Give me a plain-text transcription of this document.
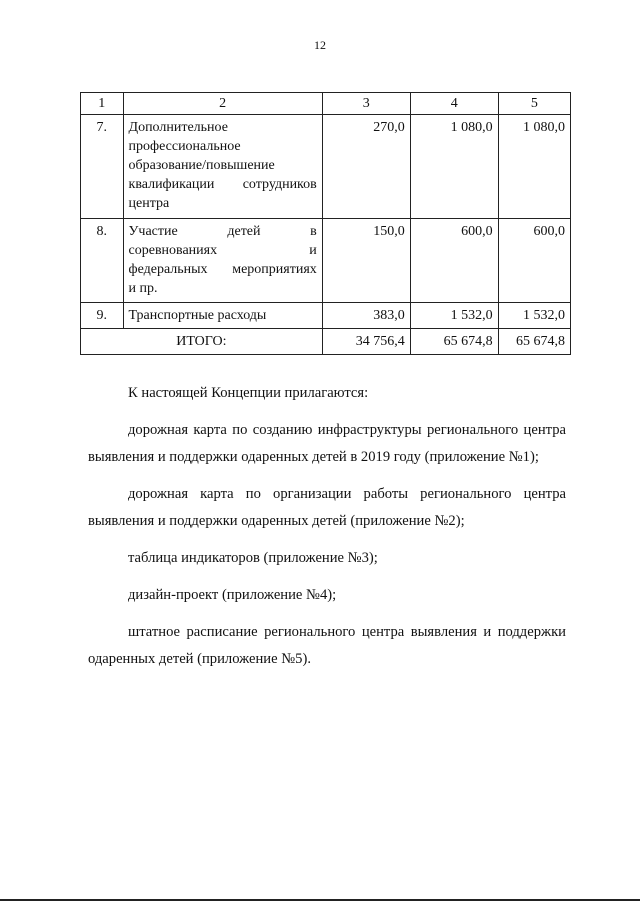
12
1	2	3	4	5
7.	Дополнительное
профессиональное
образование/повышение
квалификации сотрудников
центра	270,0	1 080,0	1 080,0
8.	Участие детей в
соревнованиях и
федеральных мероприятиях
и пр.	150,0	600,0	600,0
9.	Транспортные расходы	383,0	1 532,0	1 532,0
ИТОГО:		34 756,4	65 674,8	65 674,8

К настоящей Концепции прилагаются:

дорожная карта по созданию инфраструктуры регионального центра выявления и поддержки одаренных детей в 2019 году (приложение №1);

дорожная карта по организации работы регионального центра выявления и поддержки одаренных детей (приложение №2);

таблица индикаторов (приложение №3);

дизайн-проект (приложение №4);

штатное расписание регионального центра выявления и поддержки одаренных детей (приложение №5).
